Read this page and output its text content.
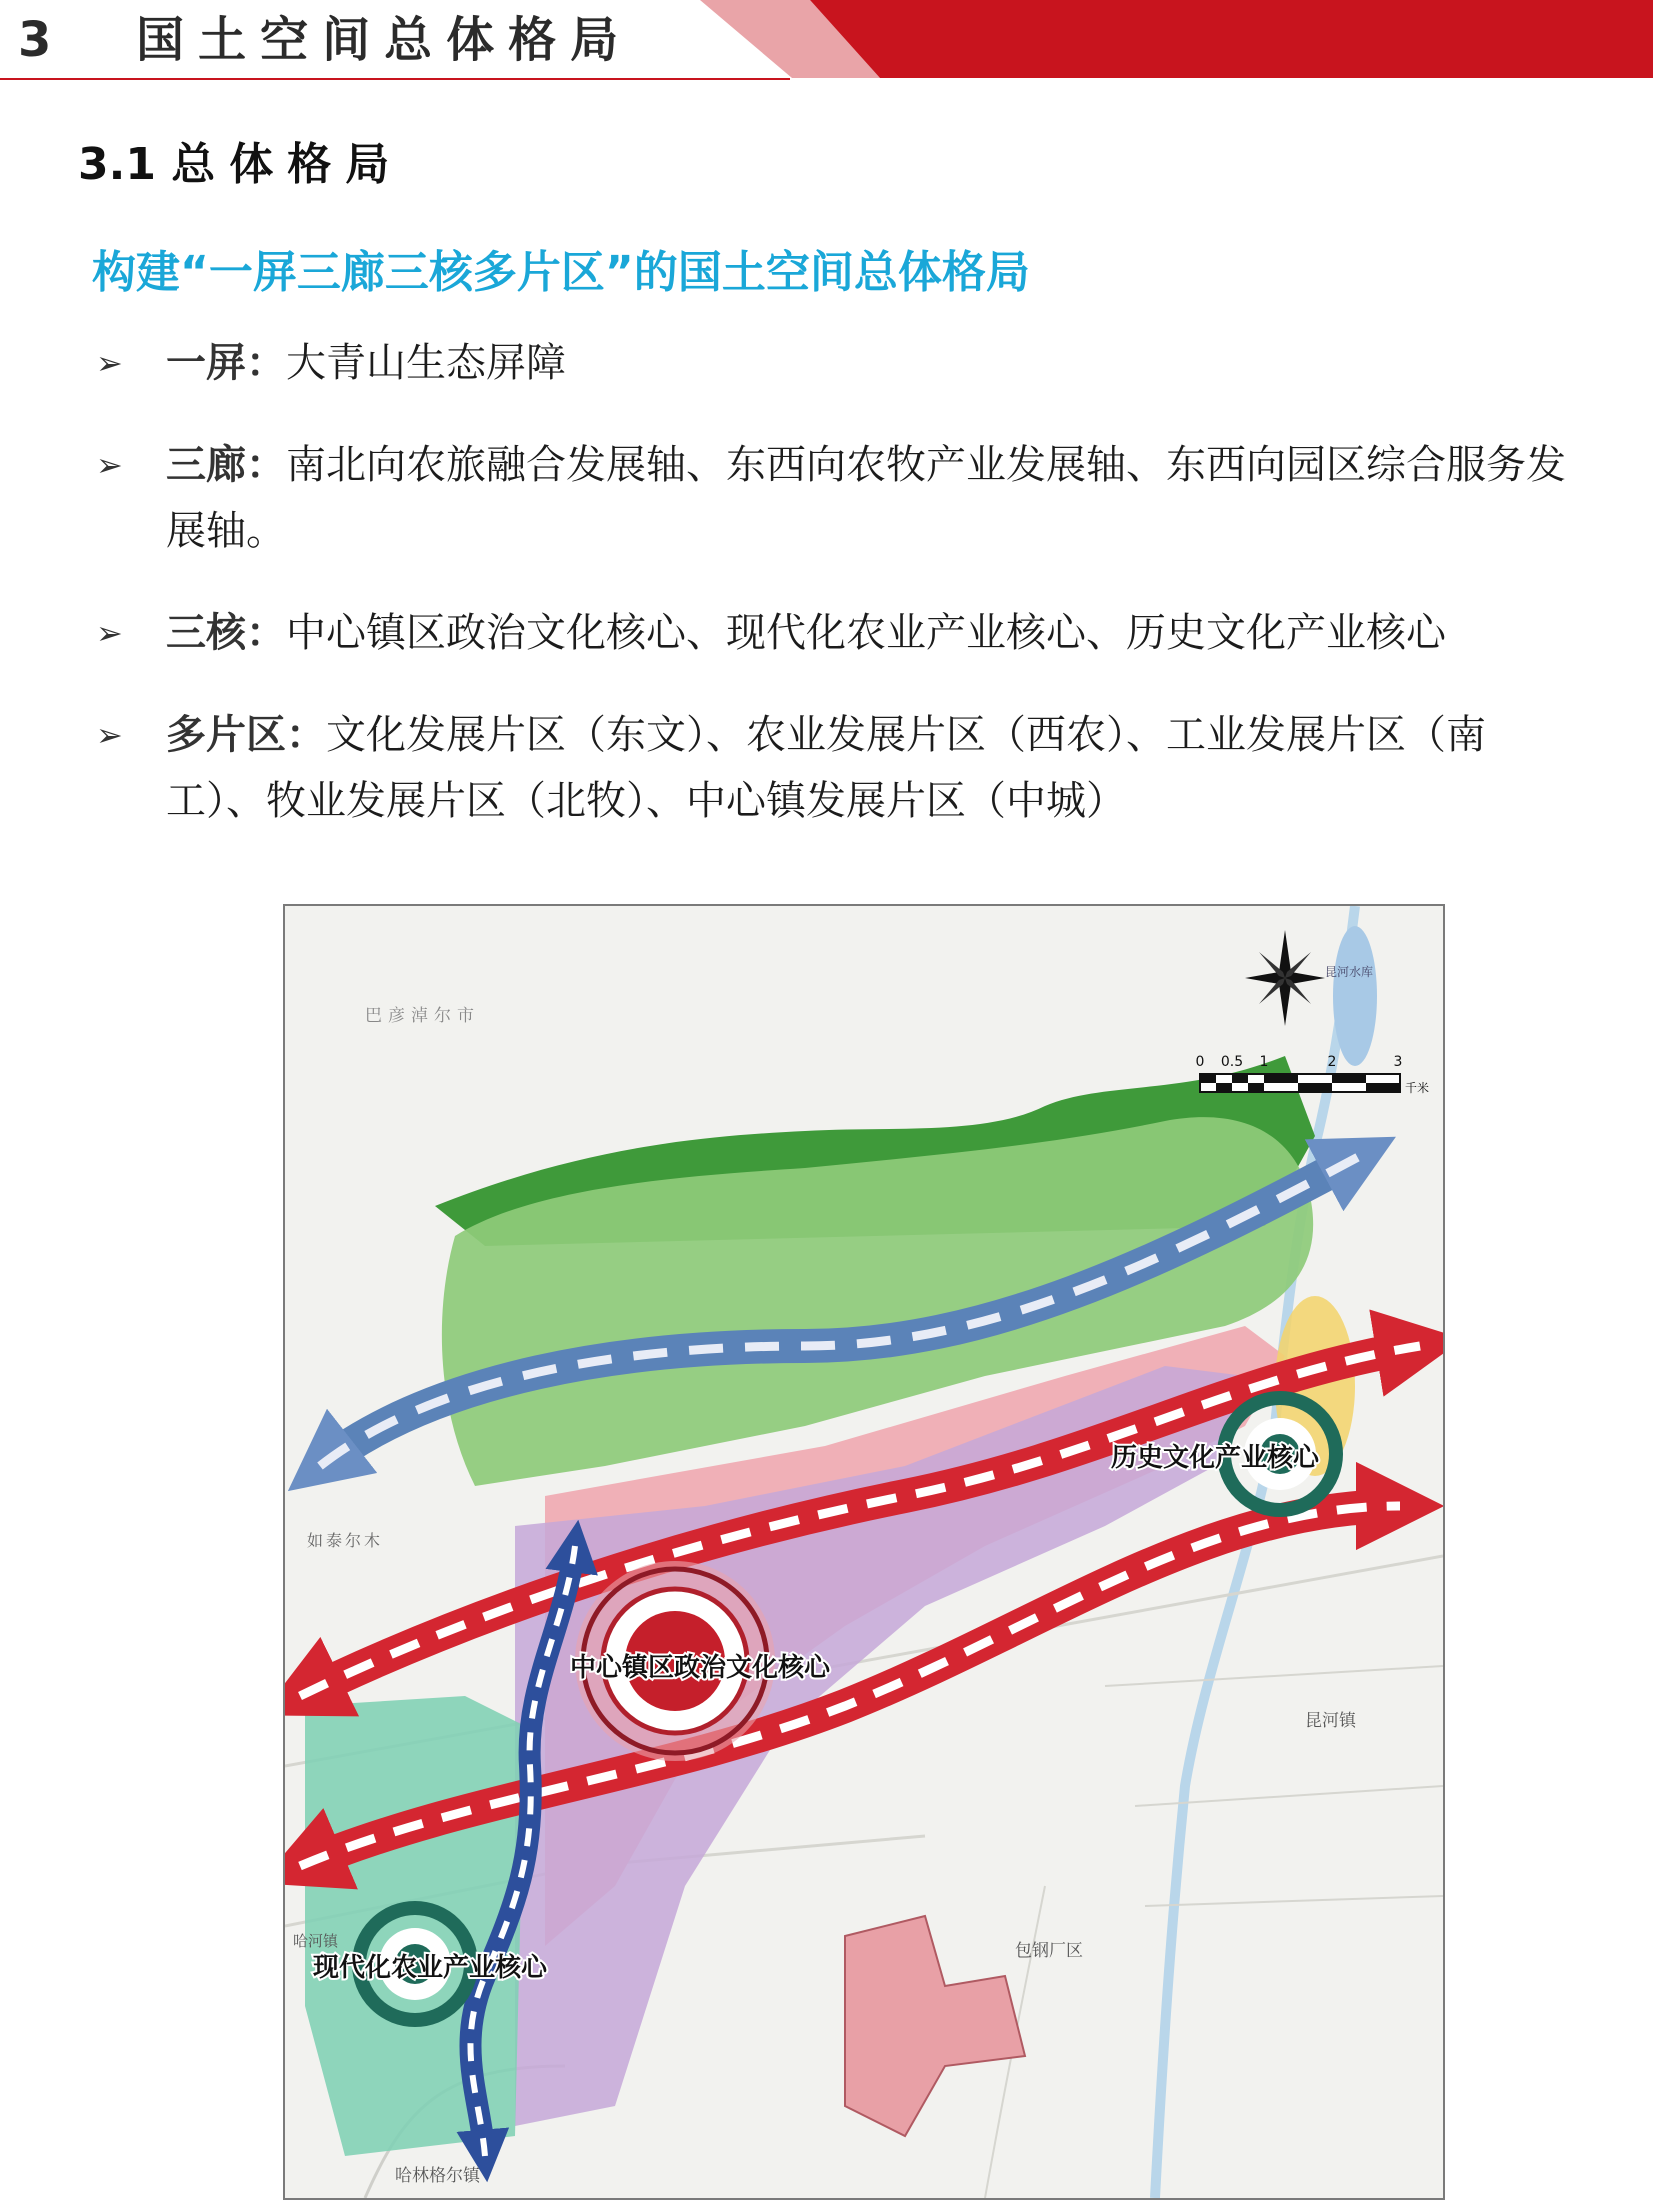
3 国土空间总体格局
3.1 总体格局
构建“一屏三廊三核多片区”的国土空间总体格局
➢ 一屏：大青山生态屏障
➢ 三廊：南北向农旅融合发展轴、东西向农牧产业发展轴、东西向园区综合服务发展轴。
➢ 三核：中心镇区政治文化核心、现代化农业产业核心、历史文化产业核心
➢ 多片区：文化发展片区（东文）、农业发展片区（西农）、工业发展片区（南工）、牧业发展片区（北牧）、中心镇发展片区（中城）
中心镇区政治文化核心
历史文化产业核心
现代化农业产业核心
巴彦淖尔市
如泰尔木
哈林格尔镇
包钢厂区
昆河镇
哈河镇
昆河水库
0 0.5 1	2	3
千米
